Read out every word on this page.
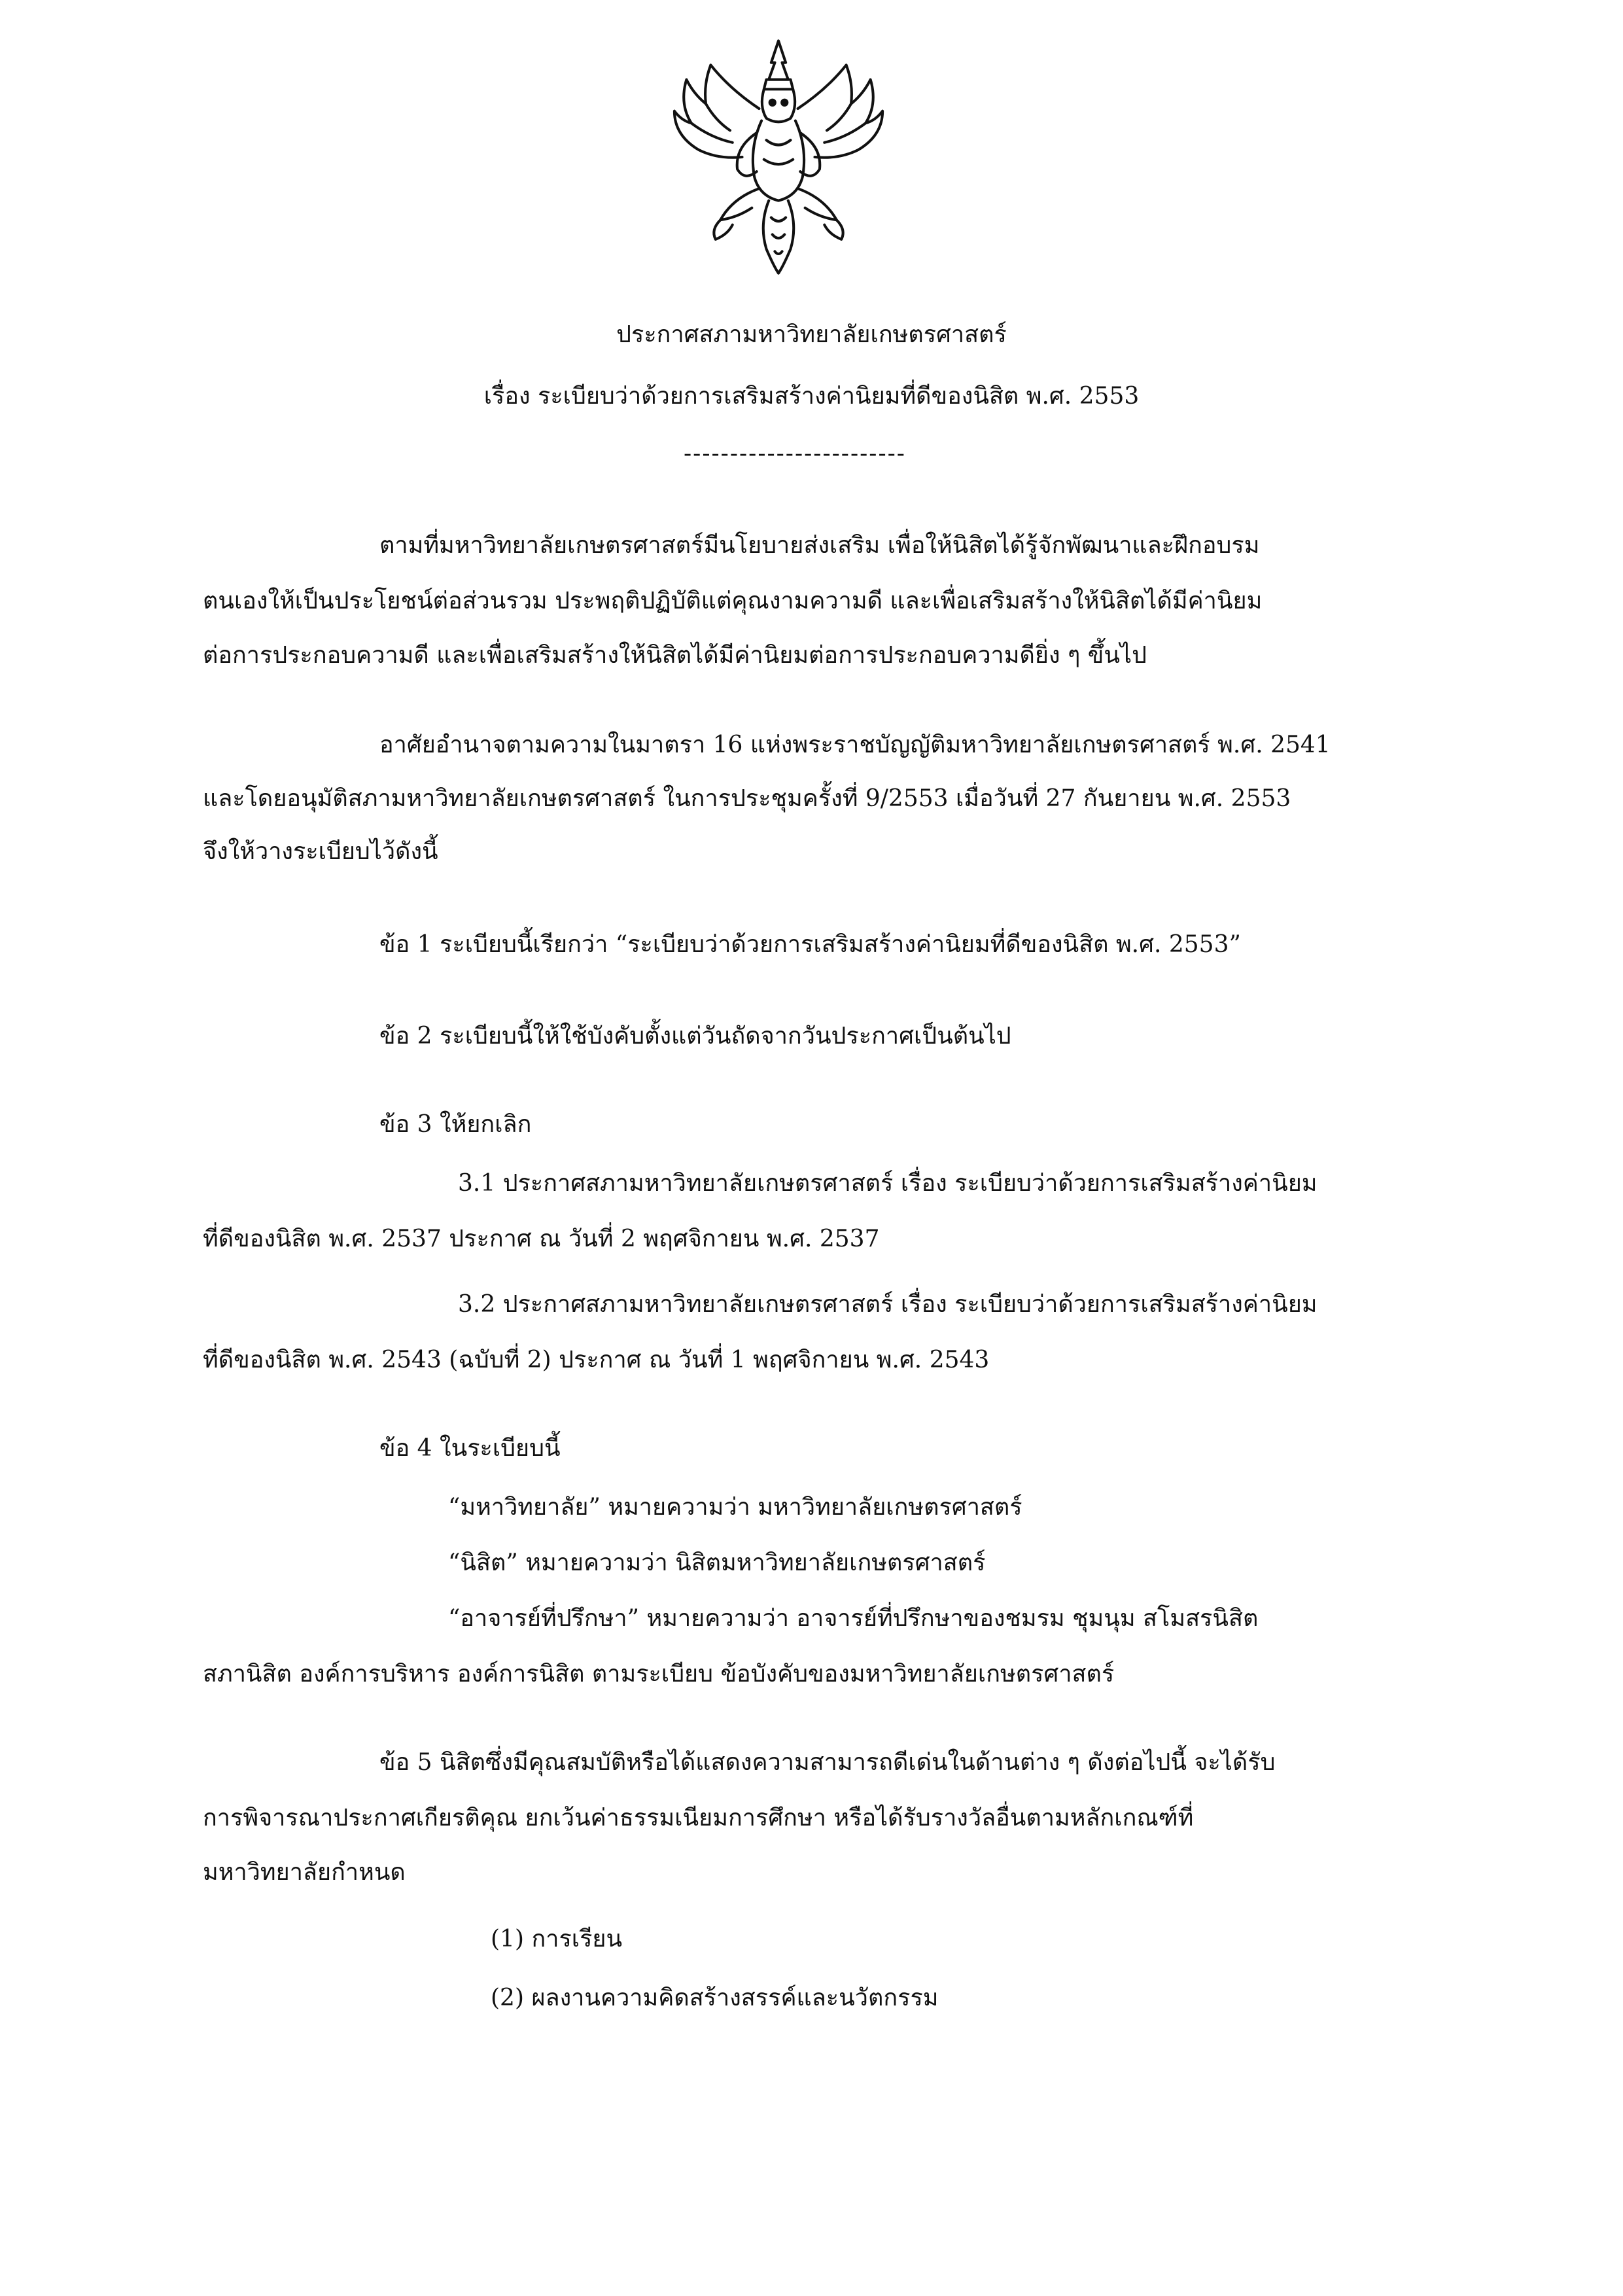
ประกาศสภามหาวิทยาลัยเกษตรศาสตร์
เรื่อง ระเบียบว่าด้วยการเสริมสร้างค่านิยมที่ดีของนิสิต พ.ศ. 2553
------------------------
ตามที่มหาวิทยาลัยเกษตรศาสตร์มีนโยบายส่งเสริม เพื่อให้นิสิตได้รู้จักพัฒนาและฝึกอบรม
ตนเองให้เป็นประโยชน์ต่อส่วนรวม ประพฤติปฏิบัติแต่คุณงามความดี และเพื่อเสริมสร้างให้นิสิตได้มีค่านิยม
ต่อการประกอบความดี และเพื่อเสริมสร้างให้นิสิตได้มีค่านิยมต่อการประกอบความดียิ่ง ๆ ขึ้นไป
อาศัยอำนาจตามความในมาตรา 16 แห่งพระราชบัญญัติมหาวิทยาลัยเกษตรศาสตร์ พ.ศ. 2541
และโดยอนุมัติสภามหาวิทยาลัยเกษตรศาสตร์ ในการประชุมครั้งที่ 9/2553 เมื่อวันที่ 27 กันยายน พ.ศ. 2553
จึงให้วางระเบียบไว้ดังนี้
ข้อ 1 ระเบียบนี้เรียกว่า “ระเบียบว่าด้วยการเสริมสร้างค่านิยมที่ดีของนิสิต พ.ศ. 2553”
ข้อ 2 ระเบียบนี้ให้ใช้บังคับตั้งแต่วันถัดจากวันประกาศเป็นต้นไป
ข้อ 3 ให้ยกเลิก
3.1 ประกาศสภามหาวิทยาลัยเกษตรศาสตร์ เรื่อง ระเบียบว่าด้วยการเสริมสร้างค่านิยม
ที่ดีของนิสิต พ.ศ. 2537 ประกาศ ณ วันที่ 2 พฤศจิกายน พ.ศ. 2537
3.2 ประกาศสภามหาวิทยาลัยเกษตรศาสตร์ เรื่อง ระเบียบว่าด้วยการเสริมสร้างค่านิยม
ที่ดีของนิสิต พ.ศ. 2543 (ฉบับที่ 2) ประกาศ ณ วันที่ 1 พฤศจิกายน พ.ศ. 2543
ข้อ 4 ในระเบียบนี้
“มหาวิทยาลัย” หมายความว่า มหาวิทยาลัยเกษตรศาสตร์
“นิสิต” หมายความว่า นิสิตมหาวิทยาลัยเกษตรศาสตร์
“อาจารย์ที่ปรึกษา” หมายความว่า อาจารย์ที่ปรึกษาของชมรม ชุมนุม สโมสรนิสิต
สภานิสิต องค์การบริหาร องค์การนิสิต ตามระเบียบ ข้อบังคับของมหาวิทยาลัยเกษตรศาสตร์
ข้อ 5 นิสิตซึ่งมีคุณสมบัติหรือได้แสดงความสามารถดีเด่นในด้านต่าง ๆ ดังต่อไปนี้ จะได้รับ
การพิจารณาประกาศเกียรติคุณ ยกเว้นค่าธรรมเนียมการศึกษา หรือได้รับรางวัลอื่นตามหลักเกณฑ์ที่
มหาวิทยาลัยกำหนด
(1) การเรียน
(2) ผลงานความคิดสร้างสรรค์และนวัตกรรม
